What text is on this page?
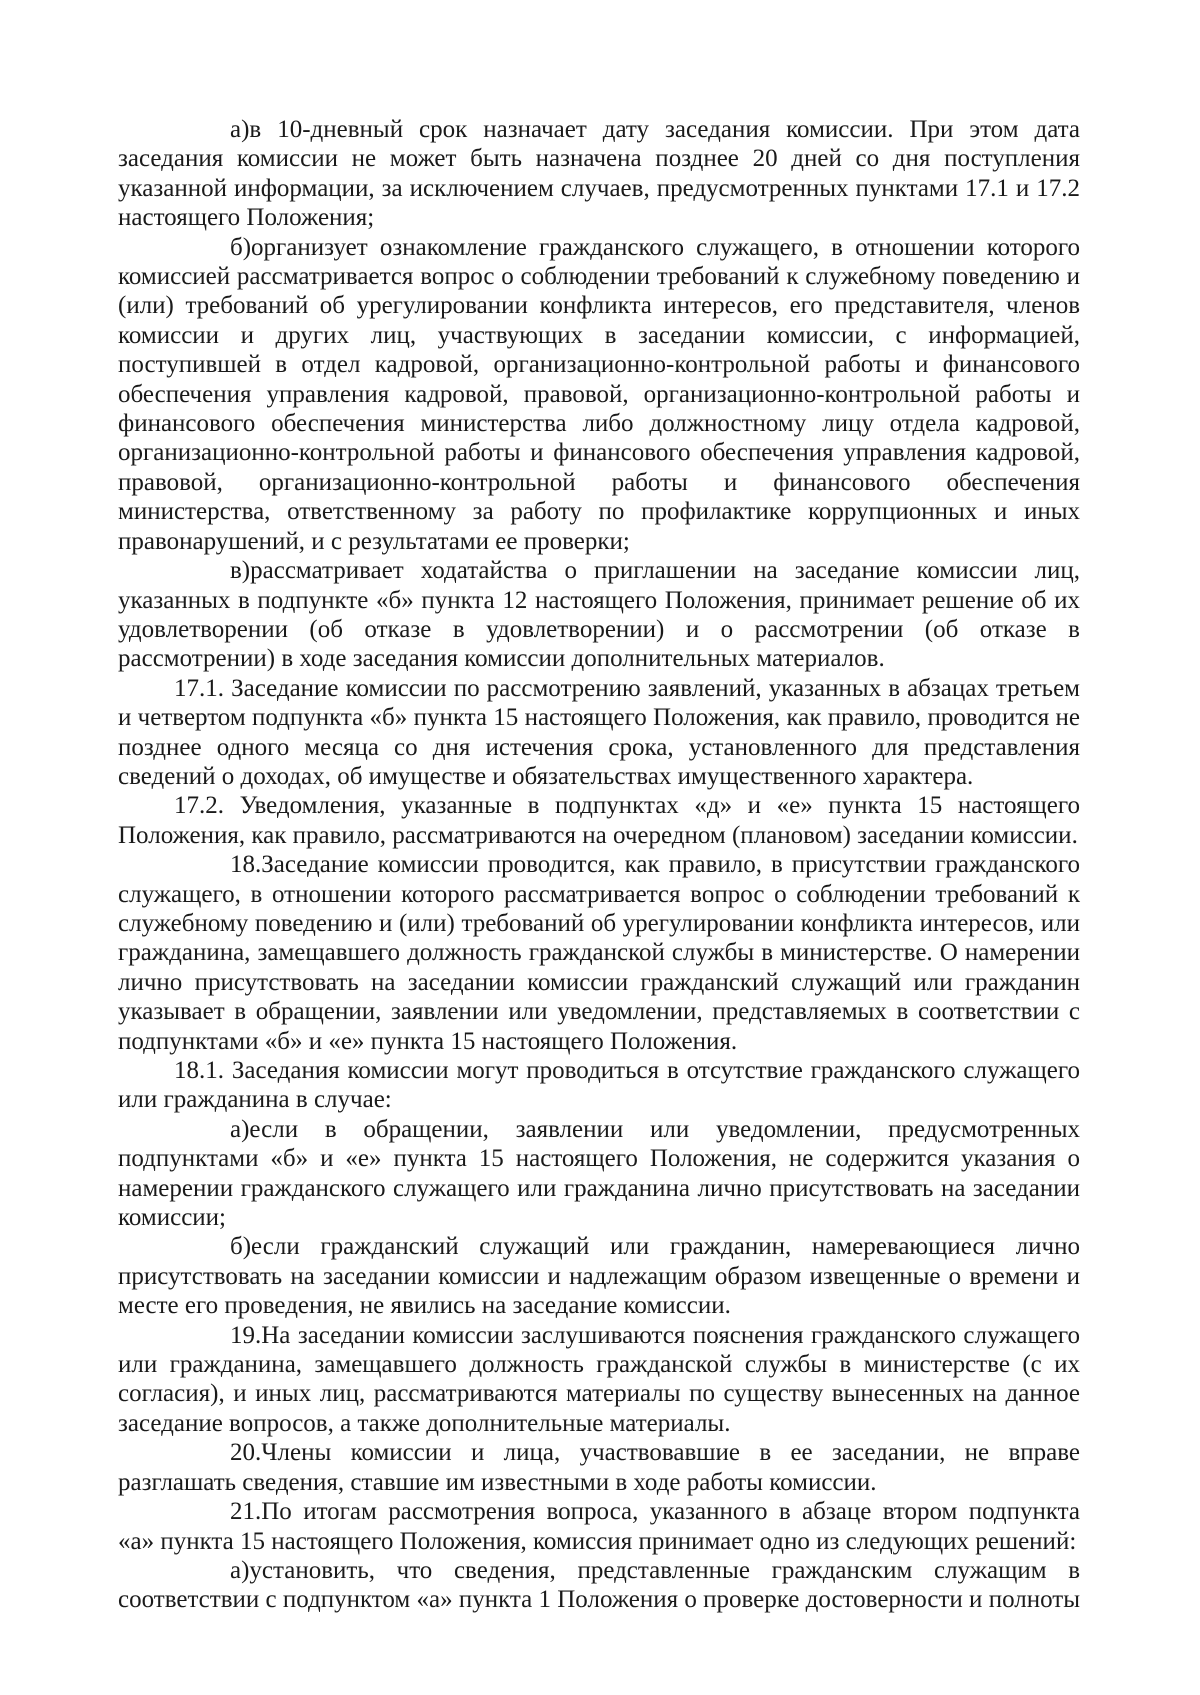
а)в 10-дневный срок назначает дату заседания комиссии. При этом дата заседания комиссии не может быть назначена позднее 20 дней со дня поступления указанной информации, за исключением случаев, предусмотренных пунктами 17.1 и 17.2 настоящего Положения;

б)организует ознакомление гражданского служащего, в отношении которого комиссией рассматривается вопрос о соблюдении требований к служебному поведению и (или) требований об урегулировании конфликта интересов, его представителя, членов комиссии и других лиц, участвующих в заседании комиссии, с информацией, поступившей в отдел кадровой, организационно-контрольной работы и финансового обеспечения управления кадровой, правовой, организационно-контрольной работы и финансового обеспечения министерства либо должностному лицу отдела кадровой, организационно-контрольной работы и финансового обеспечения управления кадровой, правовой, организационно-контрольной работы и финансового обеспечения министерства, ответственному за работу по профилактике коррупционных и иных правонарушений, и с результатами ее проверки;

в)рассматривает ходатайства о приглашении на заседание комиссии лиц, указанных в подпункте «б» пункта 12 настоящего Положения, принимает решение об их удовлетворении (об отказе в удовлетворении) и о рассмотрении (об отказе в рассмотрении) в ходе заседания комиссии дополнительных материалов.

17.1. Заседание комиссии по рассмотрению заявлений, указанных в абзацах третьем и четвертом подпункта «б» пункта 15 настоящего Положения, как правило, проводится не позднее одного месяца со дня истечения срока, установленного для представления сведений о доходах, об имуществе и обязательствах имущественного характера.

17.2. Уведомления, указанные в подпунктах «д» и «е» пункта 15 настоящего Положения, как правило, рассматриваются на очередном (плановом) заседании комиссии.

18.Заседание комиссии проводится, как правило, в присутствии гражданского служащего, в отношении которого рассматривается вопрос о соблюдении требований к служебному поведению и (или) требований об урегулировании конфликта интересов, или гражданина, замещавшего должность гражданской службы в министерстве. О намерении лично присутствовать на заседании комиссии гражданский служащий или гражданин указывает в обращении, заявлении или уведомлении, представляемых в соответствии с подпунктами «б» и «е» пункта 15 настоящего Положения.

18.1. Заседания комиссии могут проводиться в отсутствие гражданского служащего или гражданина в случае:

а)если в обращении, заявлении или уведомлении, предусмотренных подпунктами «б» и «е» пункта 15 настоящего Положения, не содержится указания о намерении гражданского служащего или гражданина лично присутствовать на заседании комиссии;

б)если гражданский служащий или гражданин, намеревающиеся лично присутствовать на заседании комиссии и надлежащим образом извещенные о времени и месте его проведения, не явились на заседание комиссии.

19.На заседании комиссии заслушиваются пояснения гражданского служащего или гражданина, замещавшего должность гражданской службы в министерстве (с их согласия), и иных лиц, рассматриваются материалы по существу вынесенных на данное заседание вопросов, а также дополнительные материалы.

20.Члены комиссии и лица, участвовавшие в ее заседании, не вправе разглашать сведения, ставшие им известными в ходе работы комиссии.

21.По итогам рассмотрения вопроса, указанного в абзаце втором подпункта «а» пункта 15 настоящего Положения, комиссия принимает одно из следующих решений:

а)установить, что сведения, представленные гражданским служащим в соответствии с подпунктом «а» пункта 1 Положения о проверке достоверности и полноты
